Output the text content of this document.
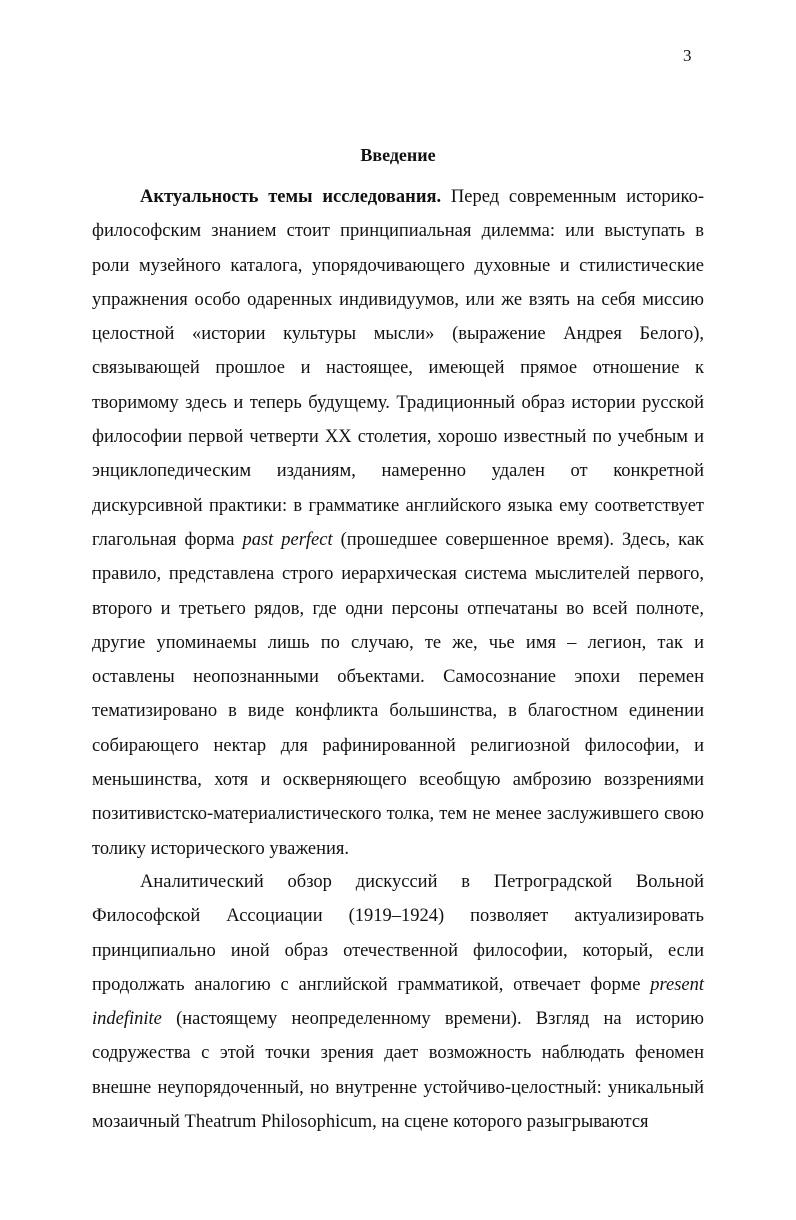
3
Введение

Актуальность темы исследования. Перед современным историко-философским знанием стоит принципиальная дилемма: или выступать в роли музейного каталога, упорядочивающего духовные и стилистические упражнения особо одаренных индивидуумов, или же взять на себя миссию целостной «истории культуры мысли» (выражение Андрея Белого), связывающей прошлое и настоящее, имеющей прямое отношение к творимому здесь и теперь будущему. Традиционный образ истории русской философии первой четверти XX столетия, хорошо известный по учебным и энциклопедическим изданиям, намеренно удален от конкретной дискурсивной практики: в грамматике английского языка ему соответствует глагольная форма past perfect (прошедшее совершенное время). Здесь, как правило, представлена строго иерархическая система мыслителей первого, второго и третьего рядов, где одни персоны отпечатаны во всей полноте, другие упоминаемы лишь по случаю, те же, чье имя – легион, так и оставлены неопознанными объектами. Самосознание эпохи перемен тематизировано в виде конфликта большинства, в благостном единении собирающего нектар для рафинированной религиозной философии, и меньшинства, хотя и оскверняющего всеобщую амброзию воззрениями позитивистско-материалистического толка, тем не менее заслужившего свою толику исторического уважения.

Аналитический обзор дискуссий в Петроградской Вольной Философской Ассоциации (1919–1924) позволяет актуализировать принципиально иной образ отечественной философии, который, если продолжать аналогию с английской грамматикой, отвечает форме present indefinite (настоящему неопределенному времени). Взгляд на историю содружества с этой точки зрения дает возможность наблюдать феномен внешне неупорядоченный, но внутренне устойчиво-целостный: уникальный мозаичный Theatrum Philosophicum, на сцене которого разыгрываются
